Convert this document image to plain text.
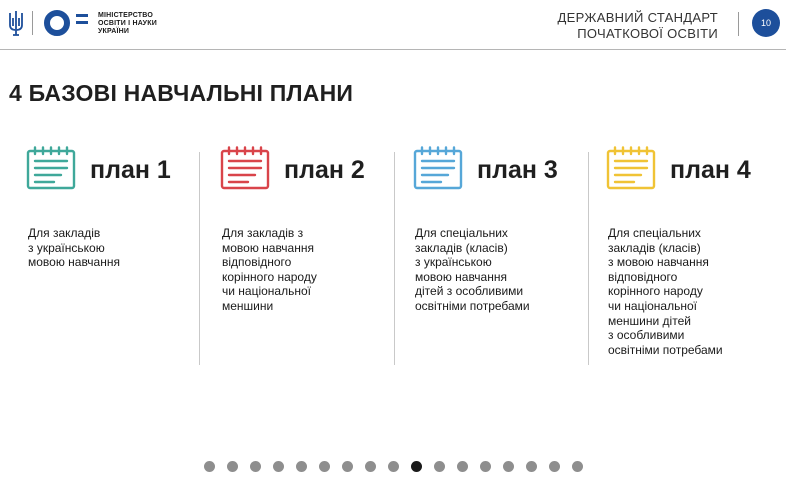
МІНІСТЕРСТВО
ОСВІТИ І НАУКИ
УКРАЇНИ
ДЕРЖАВНИЙ СТАНДАРТ
ПОЧАТКОВОЇ ОСВІТИ
10
4 БАЗОВІ НАВЧАЛЬНІ ПЛАНИ
план 1
Для закладів
з українською
мовою навчання
план 2
Для закладів з
мовою навчання
відповідного
корінного народу
чи національної
меншини
план 3
Для спеціальних
закладів (класів)
з українською
мовою навчання
дітей з особливими
освітніми потребами
план 4
Для спеціальних
закладів (класів)
з мовою навчання
відповідного
корінного народу
чи національної
меншини дітей
з особливими
освітніми потребами
